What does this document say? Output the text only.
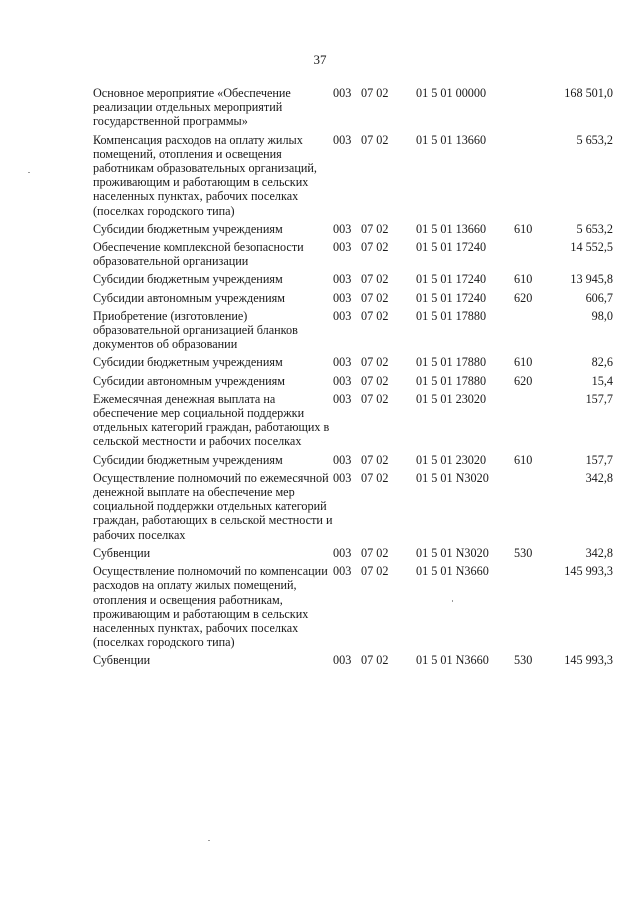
37
Основное мероприятие «Обеспечение реализации отдельных мероприятий государственной программы»	003	07 02	01 5 01 00000		168 501,0
Компенсация расходов на оплату жилых помещений, отопления и освещения работникам образовательных организаций, проживающим и работающим в сельских населенных пунктах, рабочих поселках (поселках городского типа)	003	07 02	01 5 01 13660		5 653,2
Субсидии бюджетным учреждениям	003	07 02	01 5 01 13660	610	5 653,2
Обеспечение комплексной безопасности образовательной организации	003	07 02	01 5 01 17240		14 552,5
Субсидии бюджетным учреждениям	003	07 02	01 5 01 17240	610	13 945,8
Субсидии автономным учреждениям	003	07 02	01 5 01 17240	620	606,7
Приобретение (изготовление) образовательной организацией бланков документов об образовании	003	07 02	01 5 01 17880		98,0
Субсидии бюджетным учреждениям	003	07 02	01 5 01 17880	610	82,6
Субсидии автономным учреждениям	003	07 02	01 5 01 17880	620	15,4
Ежемесячная денежная выплата на обеспечение мер социальной поддержки отдельных категорий граждан, работающих в сельской местности и рабочих поселках	003	07 02	01 5 01 23020		157,7
Субсидии бюджетным учреждениям	003	07 02	01 5 01 23020	610	157,7
Осуществление полномочий по ежемесячной денежной выплате на обеспечение мер социальной поддержки отдельных категорий граждан, работающих в сельской местности и рабочих поселках	003	07 02	01 5 01 N3020		342,8
Субвенции	003	07 02	01 5 01 N3020	530	342,8
Осуществление полномочий по компенсации расходов на оплату жилых помещений, отопления и освещения работникам, проживающим и работающим в сельских населенных пунктах, рабочих поселках (поселках городского типа)	003	07 02	01 5 01 N3660		145 993,3
Субвенции	003	07 02	01 5 01 N3660	530	145 993,3
